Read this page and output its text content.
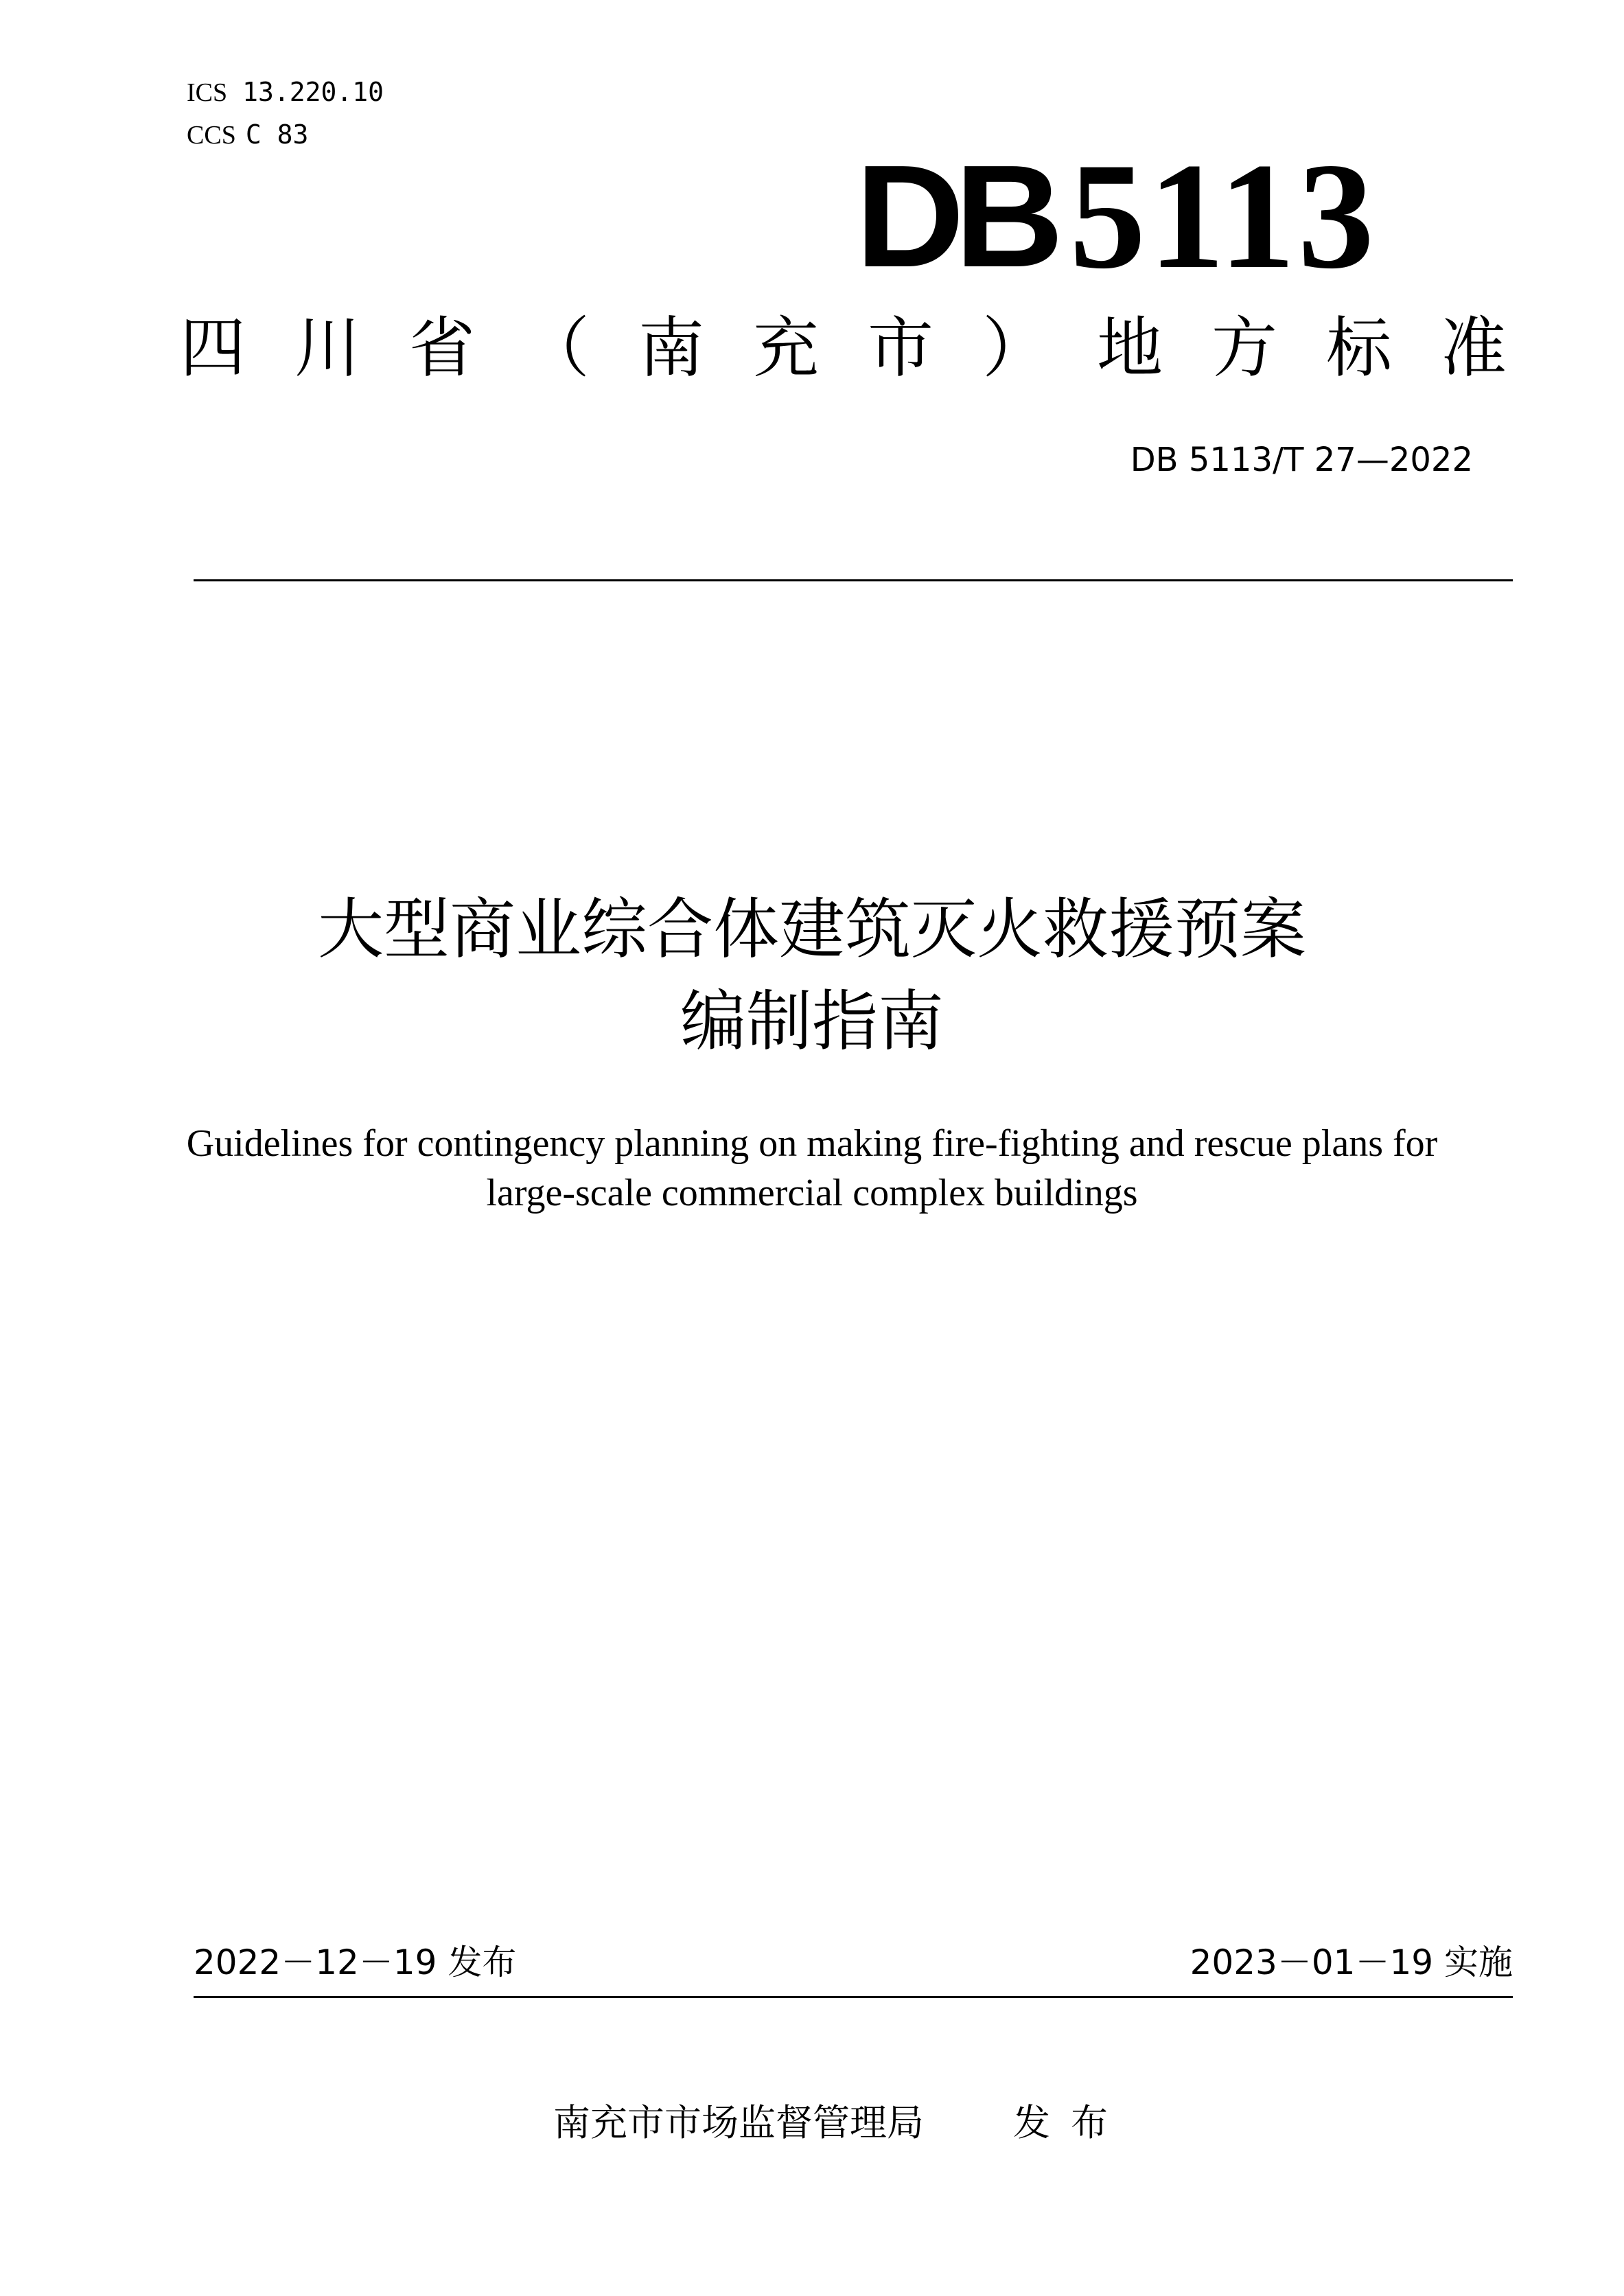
ICS 13.220.10
CCS C 83	DB 5113
四 川 省 （ 南 充 市 ） 地 方 标 准
DB 5113/T 27—2022
大型商业综合体建筑灭火救援预案
编制指南
Guidelines for contingency planning on making fire-fighting and rescue plans for
large-scale commercial complex buildings
2022－12－19 发布	2023－01－19 实施
南充市市场监督管理局 发布
